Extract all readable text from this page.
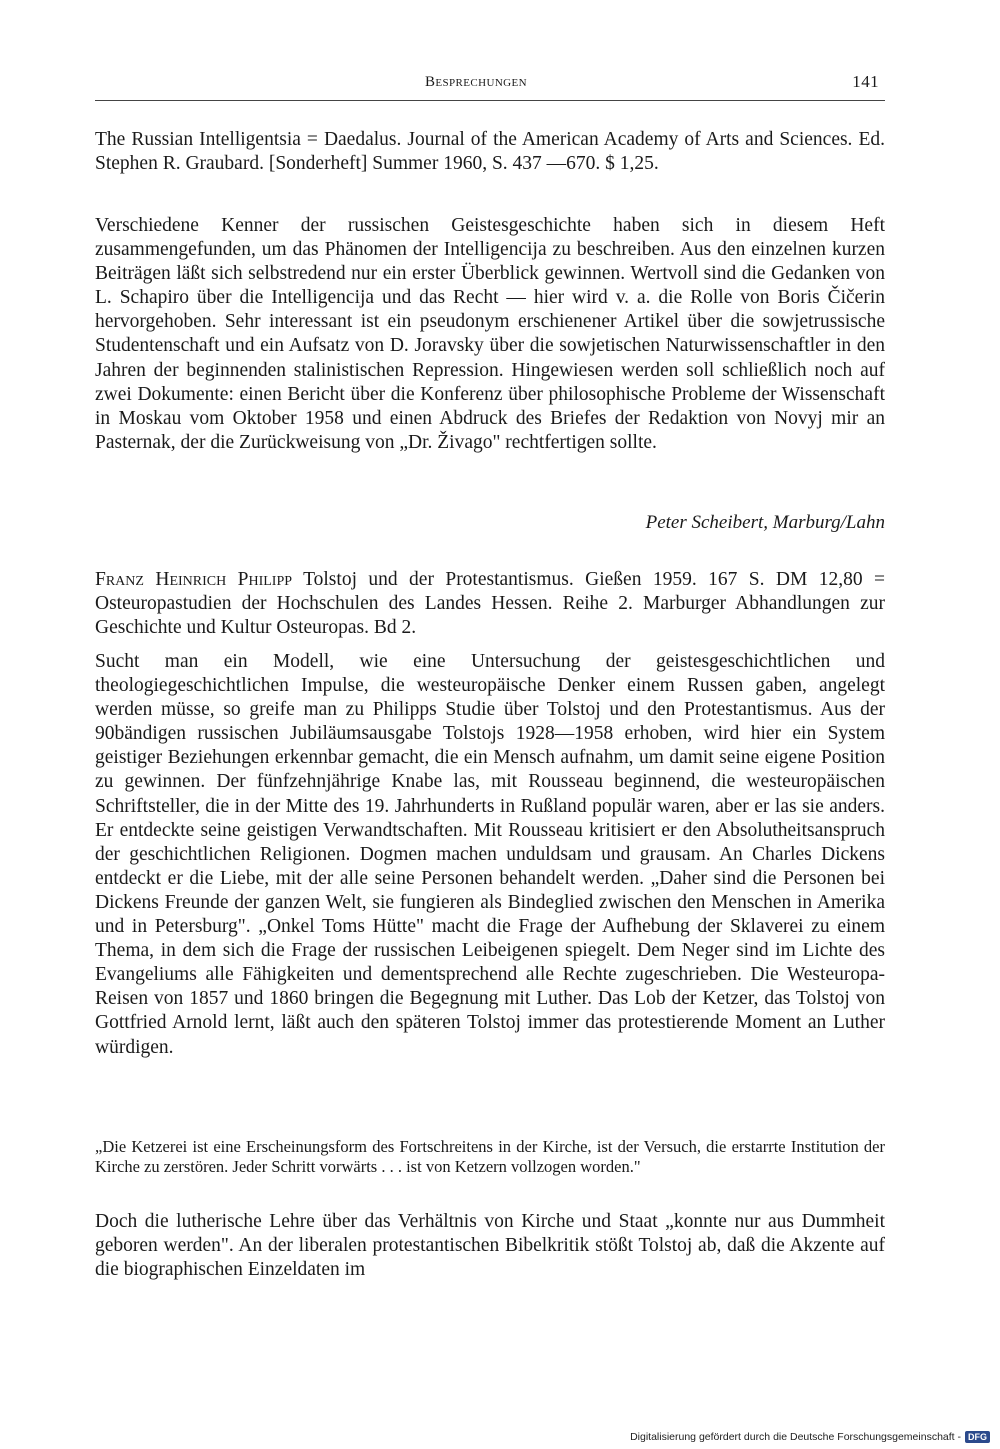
Besprechungen	141

The Russian Intelligentsia = Daedalus. Journal of the American Academy of Arts and Sciences. Ed. Stephen R. Graubard. [Sonderheft] Summer 1960, S. 437 —670. $ 1,25.

Verschiedene Kenner der russischen Geistesgeschichte haben sich in diesem Heft zusammengefunden, um das Phänomen der Intelligencija zu beschreiben. Aus den einzelnen kurzen Beiträgen läßt sich selbstredend nur ein erster Überblick gewinnen. Wertvoll sind die Gedanken von L. Schapiro über die Intelligencija und das Recht — hier wird v. a. die Rolle von Boris Čičerin hervorgehoben. Sehr interessant ist ein pseudonym erschienener Artikel über die sowjetrussische Studentenschaft und ein Aufsatz von D. Joravsky über die sowjetischen Naturwissenschaftler in den Jahren der beginnenden stalinistischen Repression. Hingewiesen werden soll schließlich noch auf zwei Dokumente: einen Bericht über die Konferenz über philosophische Probleme der Wissenschaft in Moskau vom Oktober 1958 und einen Abdruck des Briefes der Redaktion von Novyj mir an Pasternak, der die Zurückweisung von „Dr. Živago" rechtfertigen sollte.

Peter Scheibert, Marburg/Lahn

Franz Heinrich Philipp Tolstoj und der Protestantismus. Gießen 1959. 167 S. DM 12,80 = Osteuropastudien der Hochschulen des Landes Hessen. Reihe 2. Marburger Abhandlungen zur Geschichte und Kultur Osteuropas. Bd 2.

Sucht man ein Modell, wie eine Untersuchung der geistesgeschichtlichen und theologiegeschichtlichen Impulse, die westeuropäische Denker einem Russen gaben, angelegt werden müsse, so greife man zu Philipps Studie über Tolstoj und den Protestantismus. Aus der 90bändigen russischen Jubiläumsausgabe Tolstojs 1928—1958 erhoben, wird hier ein System geistiger Beziehungen erkennbar gemacht, die ein Mensch aufnahm, um damit seine eigene Position zu gewinnen. Der fünfzehnjährige Knabe las, mit Rousseau beginnend, die westeuropäischen Schriftsteller, die in der Mitte des 19. Jahrhunderts in Rußland populär waren, aber er las sie anders. Er entdeckte seine geistigen Verwandtschaften. Mit Rousseau kritisiert er den Absolutheitsanspruch der geschichtlichen Religionen. Dogmen machen unduldsam und grausam. An Charles Dickens entdeckt er die Liebe, mit der alle seine Personen behandelt werden. „Daher sind die Personen bei Dickens Freunde der ganzen Welt, sie fungieren als Bindeglied zwischen den Menschen in Amerika und in Petersburg". „Onkel Toms Hütte" macht die Frage der Aufhebung der Sklaverei zu einem Thema, in dem sich die Frage der russischen Leibeigenen spiegelt. Dem Neger sind im Lichte des Evangeliums alle Fähigkeiten und dementsprechend alle Rechte zugeschrieben. Die Westeuropa-Reisen von 1857 und 1860 bringen die Begegnung mit Luther. Das Lob der Ketzer, das Tolstoj von Gottfried Arnold lernt, läßt auch den späteren Tolstoj immer das protestierende Moment an Luther würdigen.

„Die Ketzerei ist eine Erscheinungsform des Fortschreitens in der Kirche, ist der Versuch, die erstarrte Institution der Kirche zu zerstören. Jeder Schritt vorwärts . . . ist von Ketzern vollzogen worden."

Doch die lutherische Lehre über das Verhältnis von Kirche und Staat „konnte nur aus Dummheit geboren werden". An der liberalen protestantischen Bibelkritik stößt Tolstoj ab, daß die Akzente auf die biographischen Einzeldaten im

Digitalisierung gefördert durch die Deutsche Forschungsgemeinschaft - DFG
